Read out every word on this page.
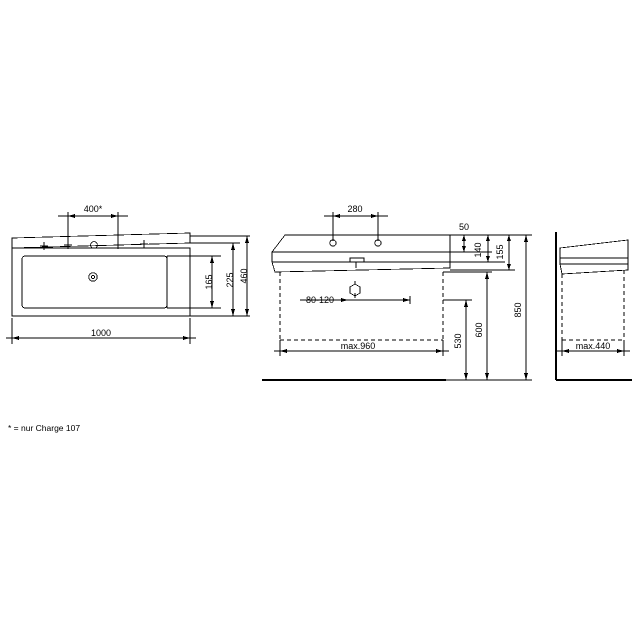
400*
1000
165 225 460
280
50
140 155
80-120
max.960	530
600
850
max.440
* = nur Charge 107
